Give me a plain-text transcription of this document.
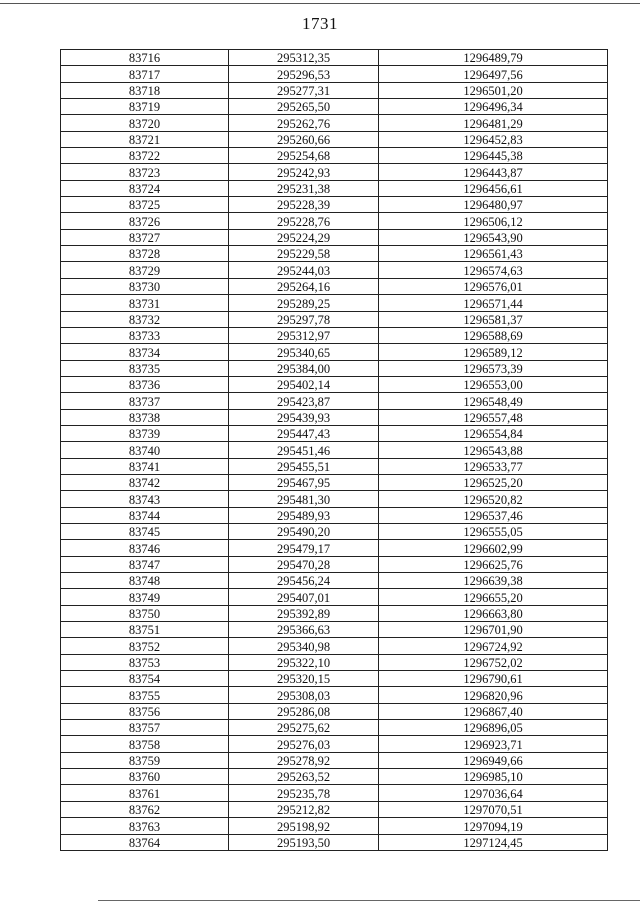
1731
83716	295312,35	1296489,79
83717	295296,53	1296497,56
83718	295277,31	1296501,20
83719	295265,50	1296496,34
83720	295262,76	1296481,29
83721	295260,66	1296452,83
83722	295254,68	1296445,38
83723	295242,93	1296443,87
83724	295231,38	1296456,61
83725	295228,39	1296480,97
83726	295228,76	1296506,12
83727	295224,29	1296543,90
83728	295229,58	1296561,43
83729	295244,03	1296574,63
83730	295264,16	1296576,01
83731	295289,25	1296571,44
83732	295297,78	1296581,37
83733	295312,97	1296588,69
83734	295340,65	1296589,12
83735	295384,00	1296573,39
83736	295402,14	1296553,00
83737	295423,87	1296548,49
83738	295439,93	1296557,48
83739	295447,43	1296554,84
83740	295451,46	1296543,88
83741	295455,51	1296533,77
83742	295467,95	1296525,20
83743	295481,30	1296520,82
83744	295489,93	1296537,46
83745	295490,20	1296555,05
83746	295479,17	1296602,99
83747	295470,28	1296625,76
83748	295456,24	1296639,38
83749	295407,01	1296655,20
83750	295392,89	1296663,80
83751	295366,63	1296701,90
83752	295340,98	1296724,92
83753	295322,10	1296752,02
83754	295320,15	1296790,61
83755	295308,03	1296820,96
83756	295286,08	1296867,40
83757	295275,62	1296896,05
83758	295276,03	1296923,71
83759	295278,92	1296949,66
83760	295263,52	1296985,10
83761	295235,78	1297036,64
83762	295212,82	1297070,51
83763	295198,92	1297094,19
83764	295193,50	1297124,45
